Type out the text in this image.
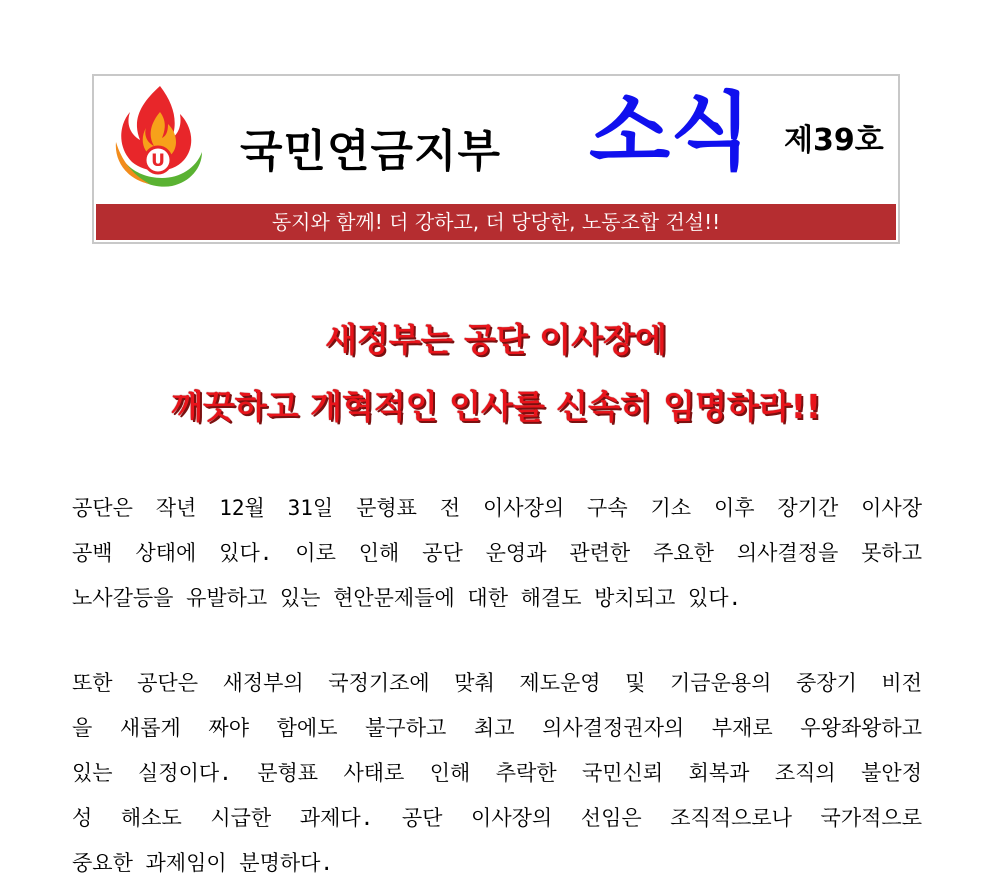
U 국민연금지부 소식 제39호
동지와 함께! 더 강하고, 더 당당한, 노동조합 건설!!
새정부는 공단 이사장에
깨끗하고 개혁적인 인사를 신속히 임명하라!!
공단은 작년 12월 31일 문형표 전 이사장의 구속 기소 이후 장기간 이사장
공백 상태에 있다. 이로 인해 공단 운영과 관련한 주요한 의사결정을 못하고
노사갈등을 유발하고 있는 현안문제들에 대한 해결도 방치되고 있다.
또한 공단은 새정부의 국정기조에 맞춰 제도운영 및 기금운용의 중장기 비전
을 새롭게 짜야 함에도 불구하고 최고 의사결정권자의 부재로 우왕좌왕하고
있는 실정이다. 문형표 사태로 인해 추락한 국민신뢰 회복과 조직의 불안정
성 해소도 시급한 과제다. 공단 이사장의 선임은 조직적으로나 국가적으로
중요한 과제임이 분명하다.
